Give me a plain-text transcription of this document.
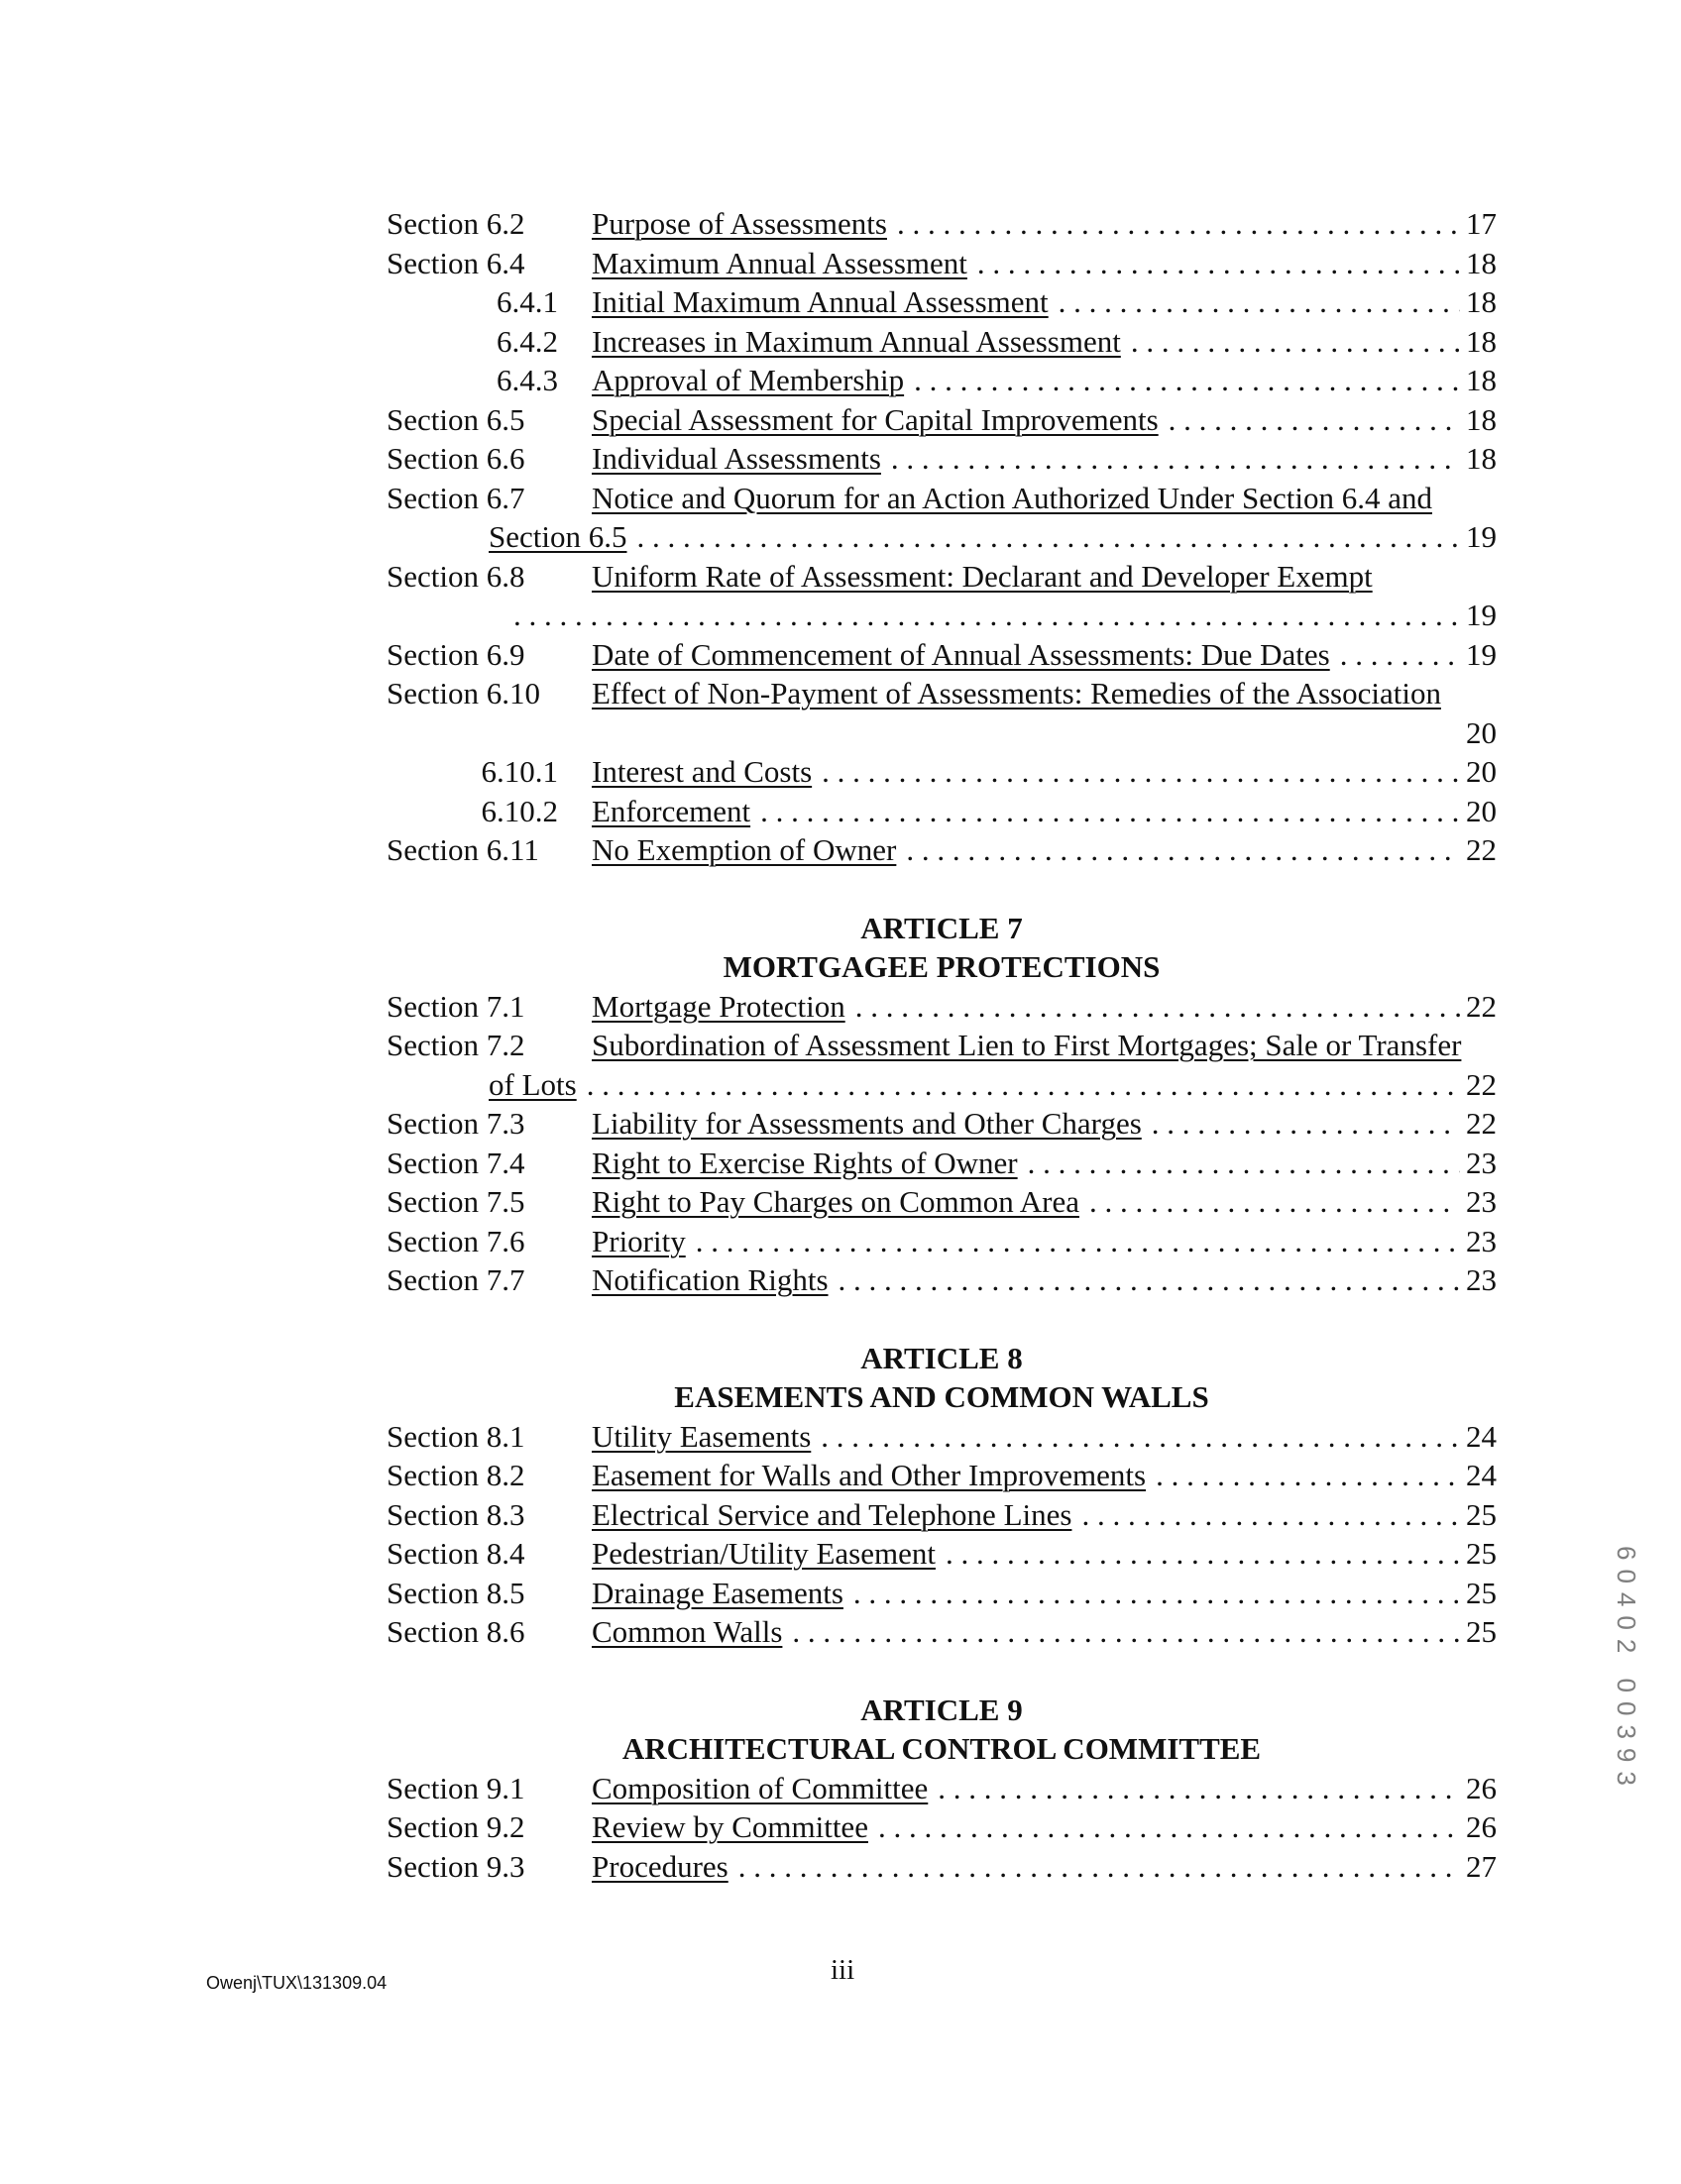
Section 6.2	Purpose of Assessments . . .	17
Section 6.4	Maximum Annual Assessment . . .	18
6.4.1	Initial Maximum Annual Assessment . . .	18
6.4.2	Increases in Maximum Annual Assessment . . .	18
6.4.3	Approval of Membership . . .	18
Section 6.5	Special Assessment for Capital Improvements . . .	18
Section 6.6	Individual Assessments . . .	18
Section 6.7	Notice and Quorum for an Action Authorized Under Section 6.4 and
Section 6.5 . . .	19
Section 6.8	Uniform Rate of Assessment: Declarant and Developer Exempt
. . .
19
Section 6.9	Date of Commencement of Annual Assessments: Due Dates . . .	19
Section 6.10	Effect of Non-Payment of Assessments: Remedies of the Association
20
6.10.1	Interest and Costs . . .	20
6.10.2	Enforcement . . .	20
Section 6.11	No Exemption of Owner . . .	22
ARTICLE 7
MORTGAGEE PROTECTIONS
Section 7.1	Mortgage Protection . . .	22
Section 7.2	Subordination of Assessment Lien to First Mortgages; Sale or Transfer
of Lots . . .	22
Section 7.3	Liability for Assessments and Other Charges . . .	22
Section 7.4	Right to Exercise Rights of Owner . . .	23
Section 7.5	Right to Pay Charges on Common Area . . .	23
Section 7.6	Priority . . .	23
Section 7.7	Notification Rights . . .	23
ARTICLE 8
EASEMENTS AND COMMON WALLS
Section 8.1	Utility Easements . . .	24
Section 8.2	Easement for Walls and Other Improvements . . .	24
Section 8.3	Electrical Service and Telephone Lines . . .	25
Section 8.4	Pedestrian/Utility Easement . . .	25
Section 8.5	Drainage Easements . . .	25
Section 8.6	Common Walls . . .	25
ARTICLE 9
ARCHITECTURAL CONTROL COMMITTEE
Section 9.1	Composition of Committee . . .	26
Section 9.2	Review by Committee . . .	26
Section 9.3	Procedures . . .	27
Owenj\TUX\131309.04	iii
60402 00393
